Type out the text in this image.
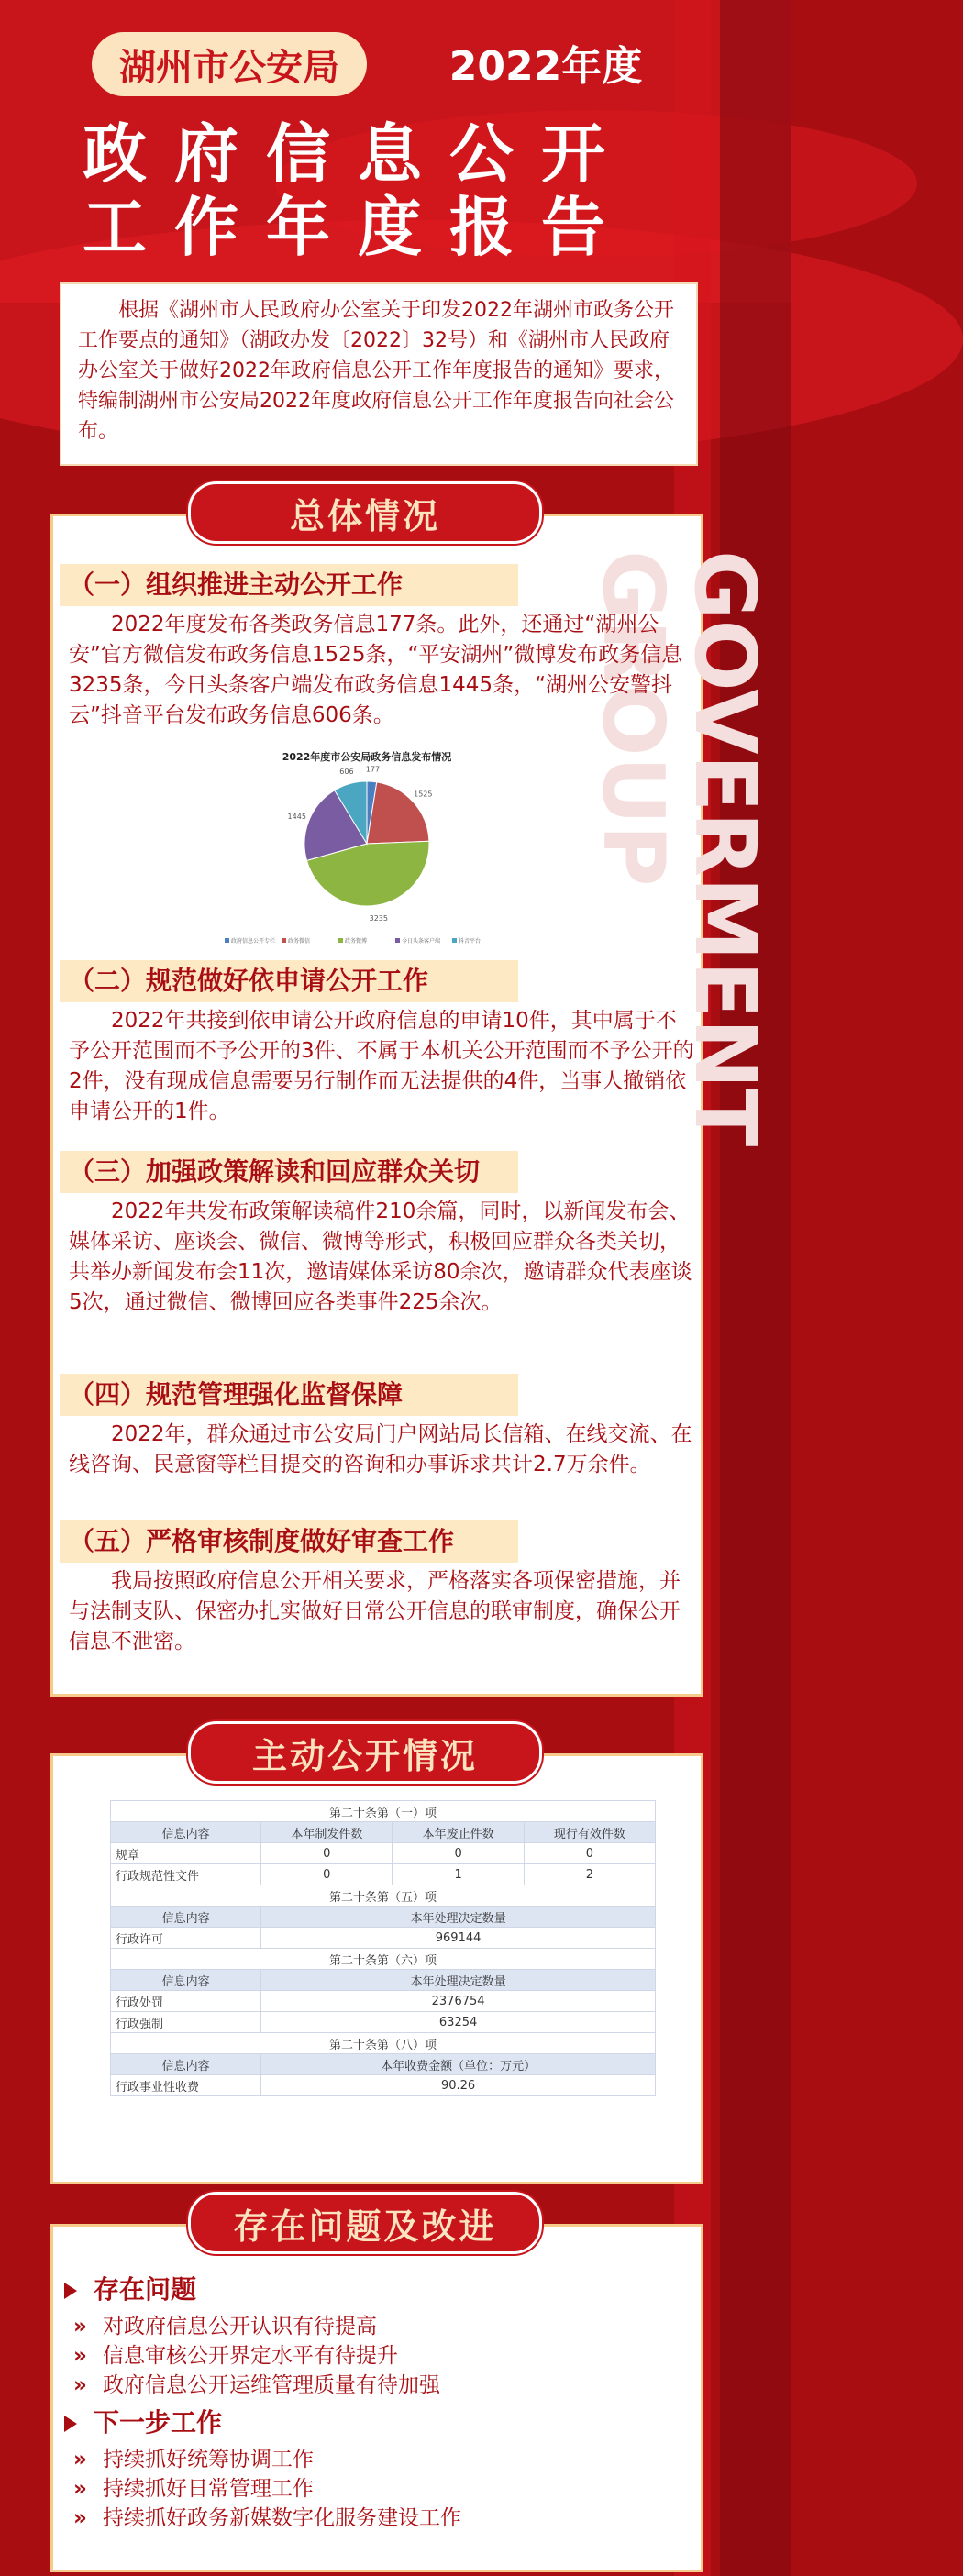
湖州市公安局	2022年度
政府信息公开
工作年度报告
根据《湖州市人民政府办公室关于印发2022年湖州市政务公开工作要点的通知》（湖政办发〔2022〕32号）和《湖州市人民政府办公室关于做好2022年政府信息公开工作年度报告的通知》要求，特编制湖州市公安局2022年度政府信息公开工作年度报告向社会公布。
GOVERMENT GROUP
总体情况
（一）组织推进主动公开工作
2022年度发布各类政务信息177条。此外，还通过“湖州公安”官方微信发布政务信息1525条，“平安湖州”微博发布政务信息3235条，今日头条客户端发布政务信息1445条，“湖州公安警抖云”抖音平台发布政务信息606条。
2022年度市公安局政务信息发布情况
177
1525
3235
1445
606
政府信息公开专栏 政务微信	政务微博	今日头条客户端	抖音平台
（二）规范做好依申请公开工作
2022年共接到依申请公开政府信息的申请10件，其中属于不予公开范围而不予公开的3件、不属于本机关公开范围而不予公开的2件，没有现成信息需要另行制作而无法提供的4件，当事人撤销依申请公开的1件。
（三）加强政策解读和回应群众关切
2022年共发布政策解读稿件210余篇，同时，以新闻发布会、媒体采访、座谈会、微信、微博等形式，积极回应群众各类关切，共举办新闻发布会11次，邀请媒体采访80余次，邀请群众代表座谈5次，通过微信、微博回应各类事件225余次。
（四）规范管理强化监督保障
2022年，群众通过市公安局门户网站局长信箱、在线交流、在线咨询、民意窗等栏目提交的咨询和办事诉求共计2.7万余件。
（五）严格审核制度做好审查工作
我局按照政府信息公开相关要求，严格落实各项保密措施，并与法制支队、保密办扎实做好日常公开信息的联审制度，确保公开信息不泄密。
主动公开情况
第二十条第（一）项			
信息内容	本年制发件数	本年废止件数	现行有效件数
规章	0	0	0
行政规范性文件	0	1	2
第二十条第（五）项			
信息内容	本年处理决定数量		
行政许可	969144		
第二十条第（六）项			
信息内容	本年处理决定数量		
行政处罚	2376754		
行政强制	63254		
第二十条第（八）项			
信息内容	本年收费金额（单位：万元）		
行政事业性收费	90.26		
存在问题及改进
存在问题
» 对政府信息公开认识有待提高
» 信息审核公开界定水平有待提升
» 政府信息公开运维管理质量有待加强
下一步工作
» 持续抓好统筹协调工作
» 持续抓好日常管理工作
» 持续抓好政务新媒数字化服务建设工作
